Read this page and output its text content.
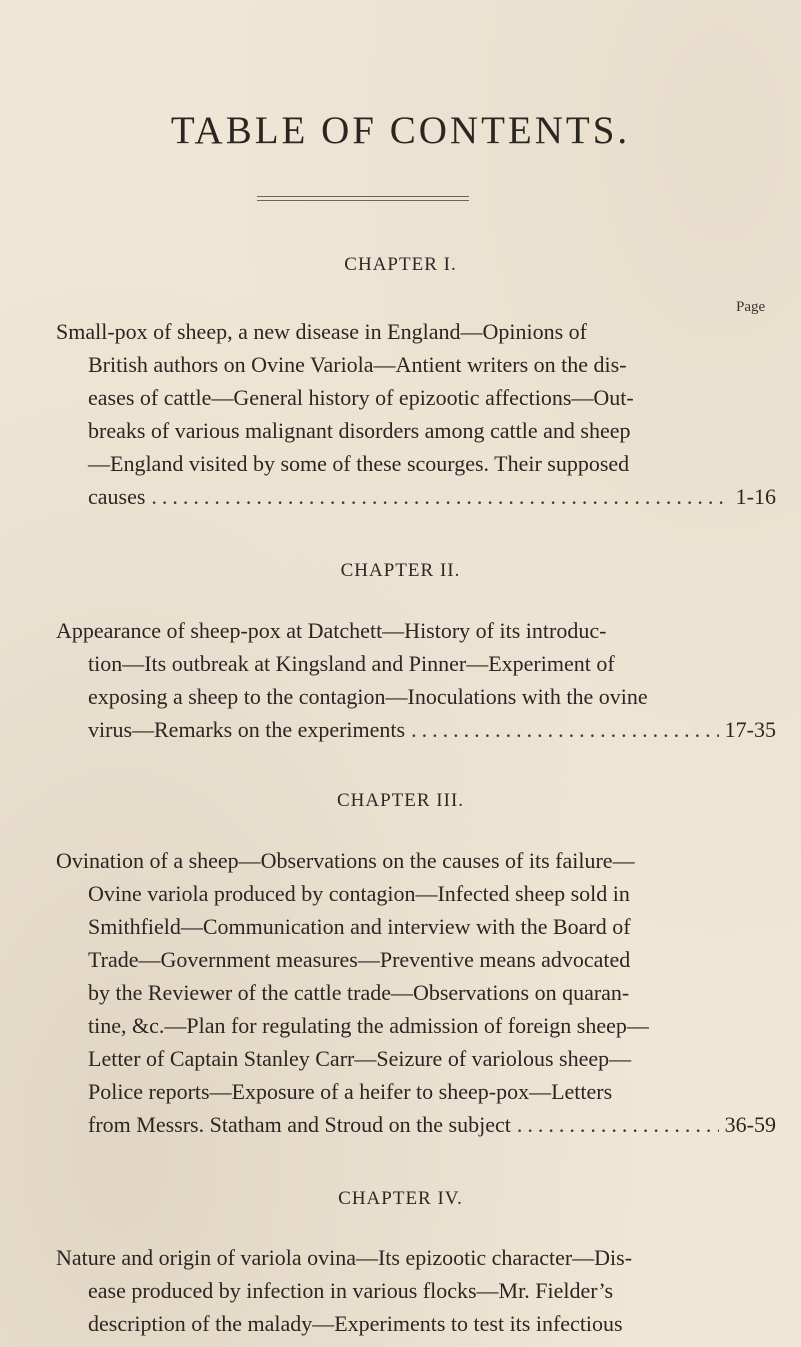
TABLE OF CONTENTS.
CHAPTER I.
Page
Small-pox of sheep, a new disease in England—Opinions of
British authors on Ovine Variola—Antient writers on the dis-
eases of cattle—General history of epizootic affections—Out-
breaks of various malignant disorders among cattle and sheep
—England visited by some of these scourges. Their supposed
causes .....	1-16
CHAPTER II.
Appearance of sheep-pox at Datchett—History of its introduc-
tion—Its outbreak at Kingsland and Pinner—Experiment of
exposing a sheep to the contagion—Inoculations with the ovine
virus—Remarks on the experiments .....	17-35
CHAPTER III.
Ovination of a sheep—Observations on the causes of its failure—
Ovine variola produced by contagion—Infected sheep sold in
Smithfield—Communication and interview with the Board of
Trade—Government measures—Preventive means advocated
by the Reviewer of the cattle trade—Observations on quaran-
tine, &c.—Plan for regulating the admission of foreign sheep—
Letter of Captain Stanley Carr—Seizure of variolous sheep—
Police reports—Exposure of a heifer to sheep-pox—Letters
from Messrs. Statham and Stroud on the subject .....	36-59
CHAPTER IV.
Nature and origin of variola ovina—Its epizootic character—Dis-
ease produced by infection in various flocks—Mr. Fielder’s
description of the malady—Experiments to test its infectious
